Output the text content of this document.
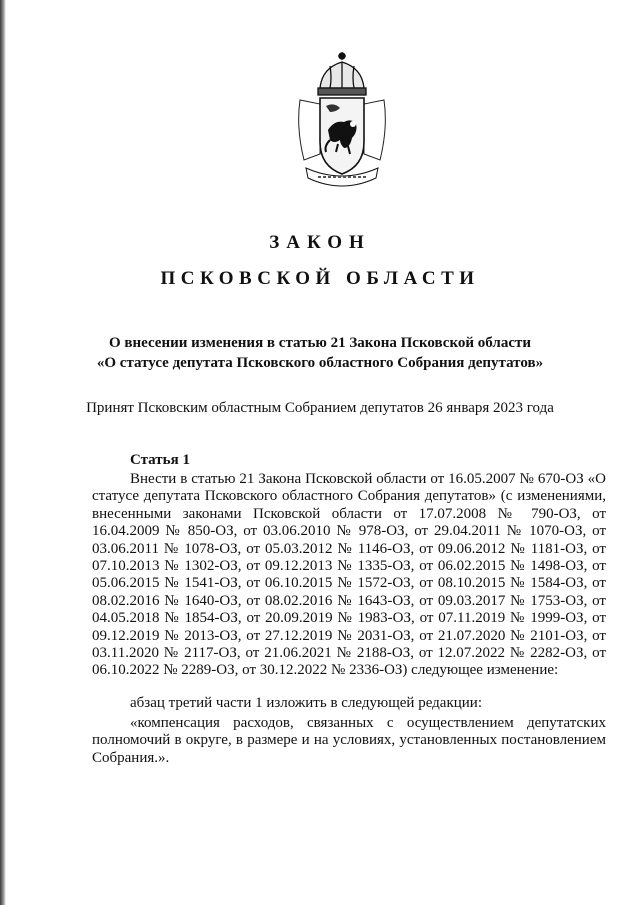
ЗАКОН
ПСКОВСКОЙ ОБЛАСТИ
О внесении изменения в статью 21 Закона Псковской области
«О статусе депутата Псковского областного Собрания депутатов»
Принят Псковским областным Собранием депутатов 26 января 2023 года
Статья 1

Внести в статью 21 Закона Псковской области от 16.05.2007 № 670-ОЗ «О статусе депутата Псковского областного Собрания депутатов» (с изменениями, внесенными законами Псковской области от 17.07.2008 № 790-ОЗ, от 16.04.2009 № 850-ОЗ, от 03.06.2010 № 978-ОЗ, от 29.04.2011 № 1070-ОЗ, от 03.06.2011 № 1078-ОЗ, от 05.03.2012 № 1146-ОЗ, от 09.06.2012 № 1181-ОЗ, от 07.10.2013 № 1302-ОЗ, от 09.12.2013 № 1335-ОЗ, от 06.02.2015 № 1498-ОЗ, от 05.06.2015 № 1541-ОЗ, от 06.10.2015 № 1572-ОЗ, от 08.10.2015 № 1584-ОЗ, от 08.02.2016 № 1640-ОЗ, от 08.02.2016 № 1643-ОЗ, от 09.03.2017 № 1753-ОЗ, от 04.05.2018 № 1854-ОЗ, от 20.09.2019 № 1983-ОЗ, от 07.11.2019 № 1999-ОЗ, от 09.12.2019 № 2013-ОЗ, от 27.12.2019 № 2031-ОЗ, от 21.07.2020 № 2101-ОЗ, от 03.11.2020 № 2117-ОЗ, от 21.06.2021 № 2188-ОЗ, от 12.07.2022 № 2282-ОЗ, от 06.10.2022 № 2289-ОЗ, от 30.12.2022 № 2336-ОЗ) следующее изменение:

абзац третий части 1 изложить в следующей редакции:

«компенсация расходов, связанных с осуществлением депутатских полномочий в округе, в размере и на условиях, установленных постановлением Собрания.».
